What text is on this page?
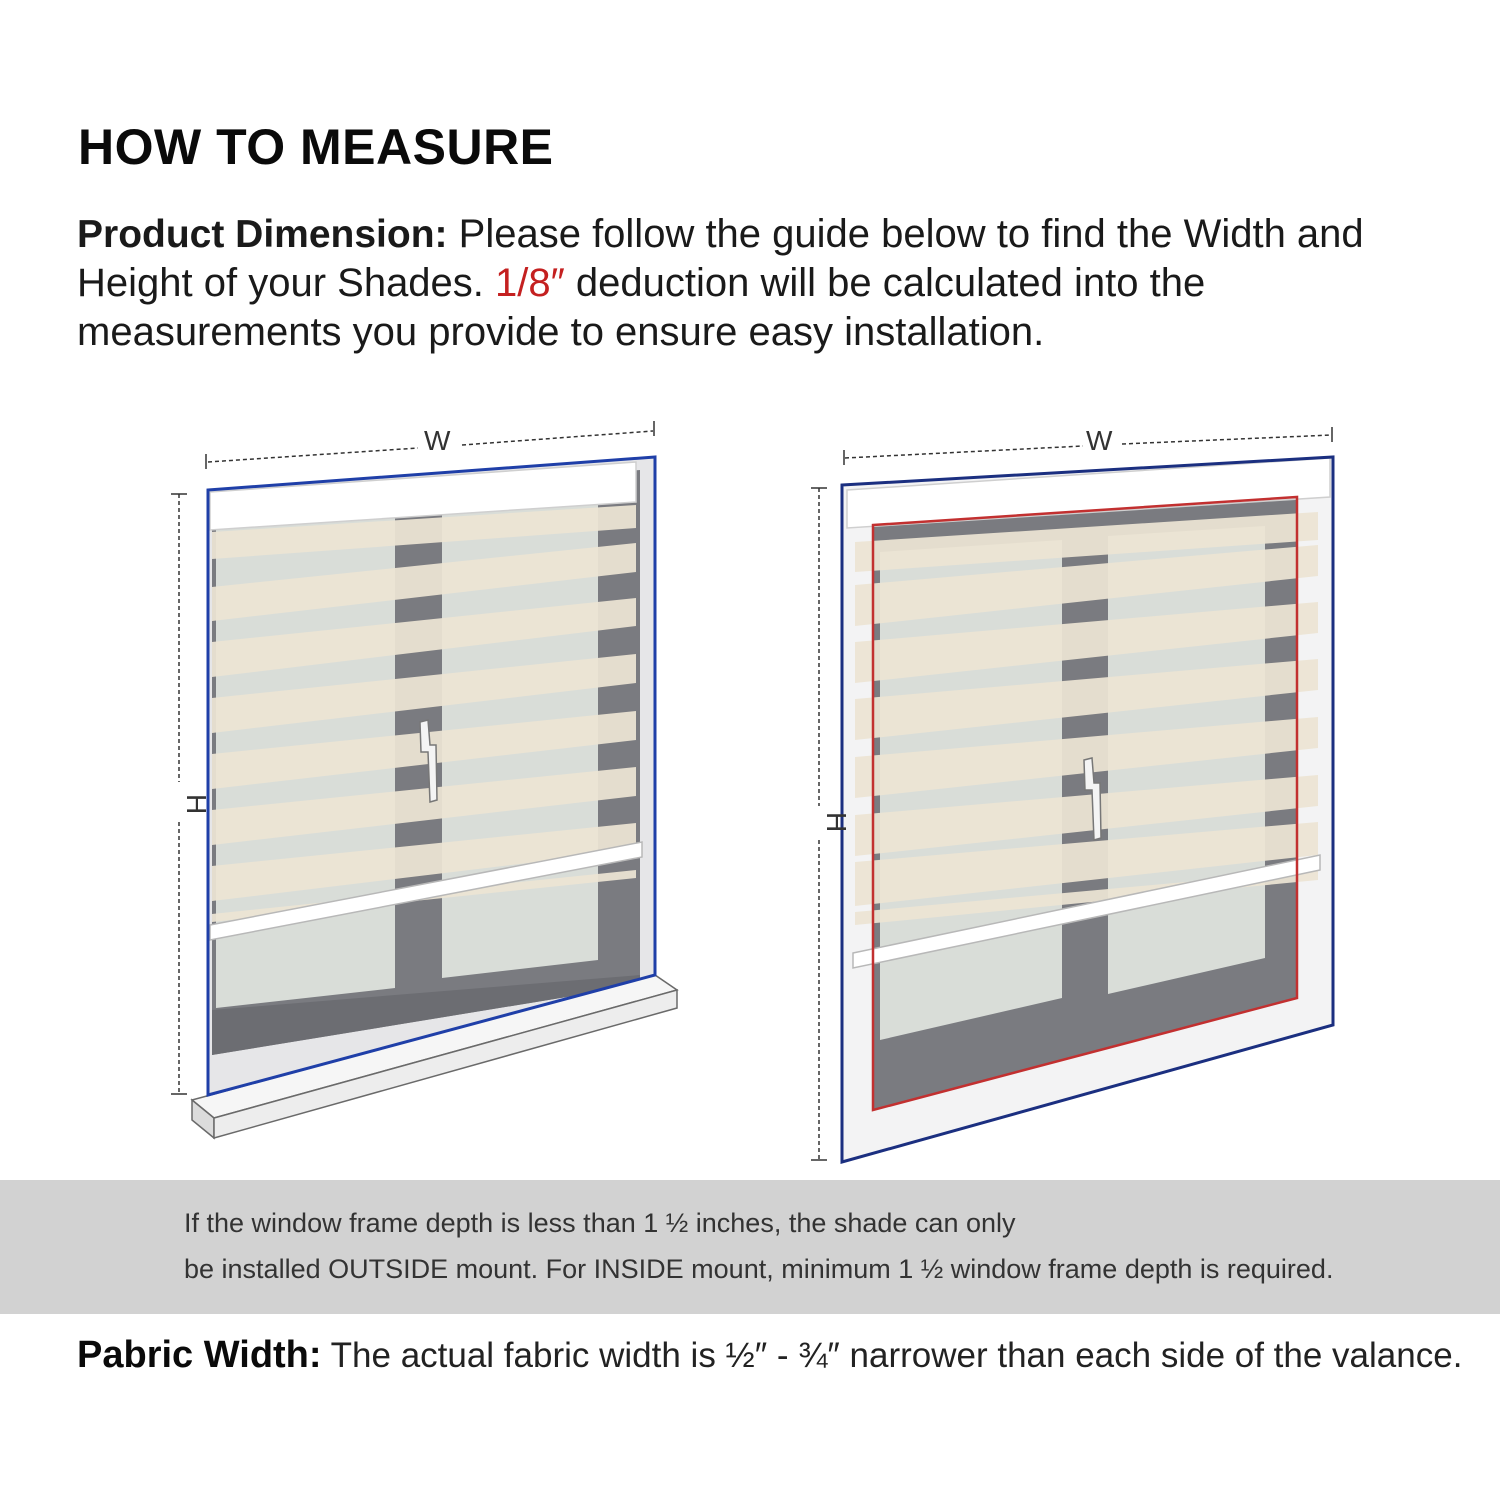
HOW TO MEASURE

Product Dimension: Please follow the guide below to find the Width and Height of your Shades. 1/8″ deduction will be calculated into the measurements you provide to ensure easy installation.

W
H
W
H
If the window frame depth is less than 1 ½ inches, the shade can only
be installed OUTSIDE mount. For INSIDE mount, minimum 1 ½ window frame depth is required.
Pabric Width: The actual fabric width is ½″ - ¾″ narrower than each side of the valance.
